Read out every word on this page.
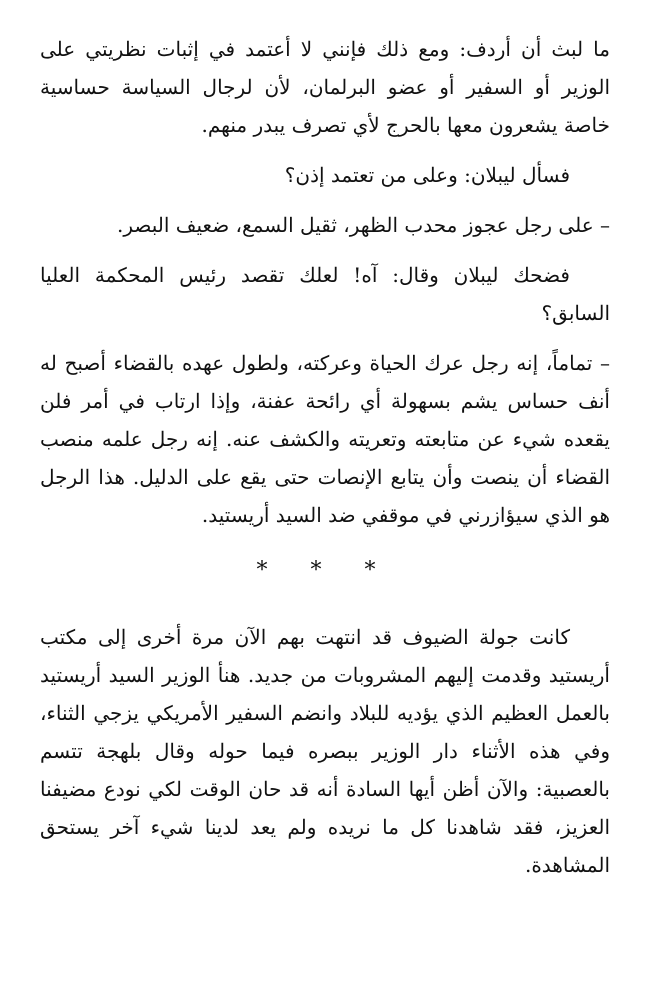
ما لبث أن أردف: ومع ذلك فإنني لا أعتمد في إثبات نظريتي على الوزير أو السفير أو عضو البرلمان، لأن لرجال السياسة حساسية خاصة يشعرون معها بالحرج لأي تصرف يبدر منهم.

فسأل ليبلان: وعلى من تعتمد إذن؟

– على رجل عجوز محدب الظهر، ثقيل السمع، ضعيف البصر.

فضحك ليبلان وقال: آه! لعلك تقصد رئيس المحكمة العليا السابق؟

– تماماً، إنه رجل عرك الحياة وعركته، ولطول عهده بالقضاء أصبح له أنف حساس يشم بسهولة أي رائحة عفنة، وإذا ارتاب في أمر فلن يقعده شيء عن متابعته وتعريته والكشف عنه. إنه رجل علمه منصب القضاء أن ينصت وأن يتابع الإنصات حتى يقع على الدليل. هذا الرجل هو الذي سيؤازرني في موقفي ضد السيد أريستيد.

* * *

كانت جولة الضيوف قد انتهت بهم الآن مرة أخرى إلى مكتب أريستيد وقدمت إليهم المشروبات من جديد. هنأ الوزير السيد أريستيد بالعمل العظيم الذي يؤديه للبلاد وانضم السفير الأمريكي يزجي الثناء، وفي هذه الأثناء دار الوزير ببصره فيما حوله وقال بلهجة تتسم بالعصبية: والآن أظن أيها السادة أنه قد حان الوقت لكي نودع مضيفنا العزيز، فقد شاهدنا كل ما نريده ولم يعد لدينا شيء آخر يستحق المشاهدة.
